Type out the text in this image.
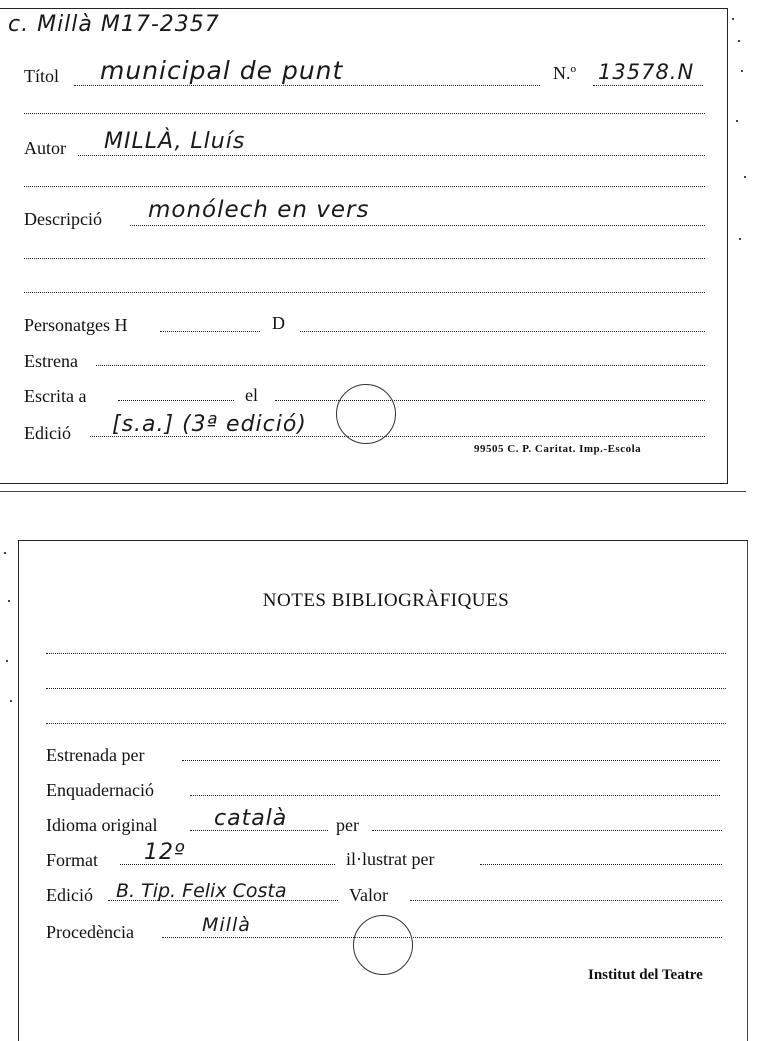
c. Millà M17-2357
Títol municipal de punt	N.º 13578.N
Autor MILLÀ, Lluís
Descripció monólech en vers
Personatges H	D
Estrena
Escrita a	el
Edició [s.a.] (3ª edició)
99505 C. P. Caritat. Imp.-Escola
NOTES BIBLIOGRÀFIQUES
Estrenada per
Enquadernació
Idioma original	català	per
Format 12º	il·lustrat per
Edició B. Tip. Felix Costa	Valor
Procedència	Millà
Institut del Teatre
